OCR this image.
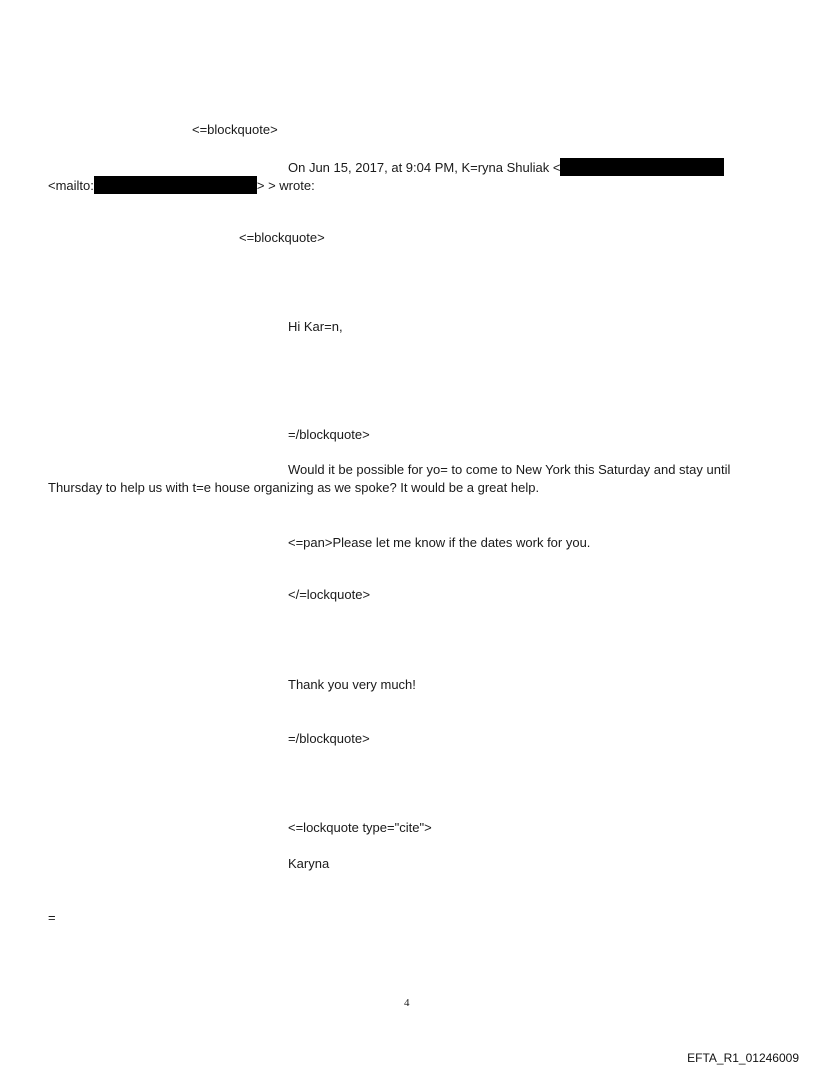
<=blockquote>
On Jun 15, 2017, at 9:04 PM, K=ryna Shuliak <
<mailto:	> > wrote:
<=blockquote>
Hi Kar=n,
=/blockquote>
Would it be possible for yo= to come to New York this Saturday and stay until
Thursday to help us with t=e house organizing as we spoke? It would be a great help.
<=pan>Please let me know if the dates work for you.
</=lockquote>
Thank you very much!
=/blockquote>
<=lockquote type="cite">
Karyna
=
4
EFTA_R1_01246009
